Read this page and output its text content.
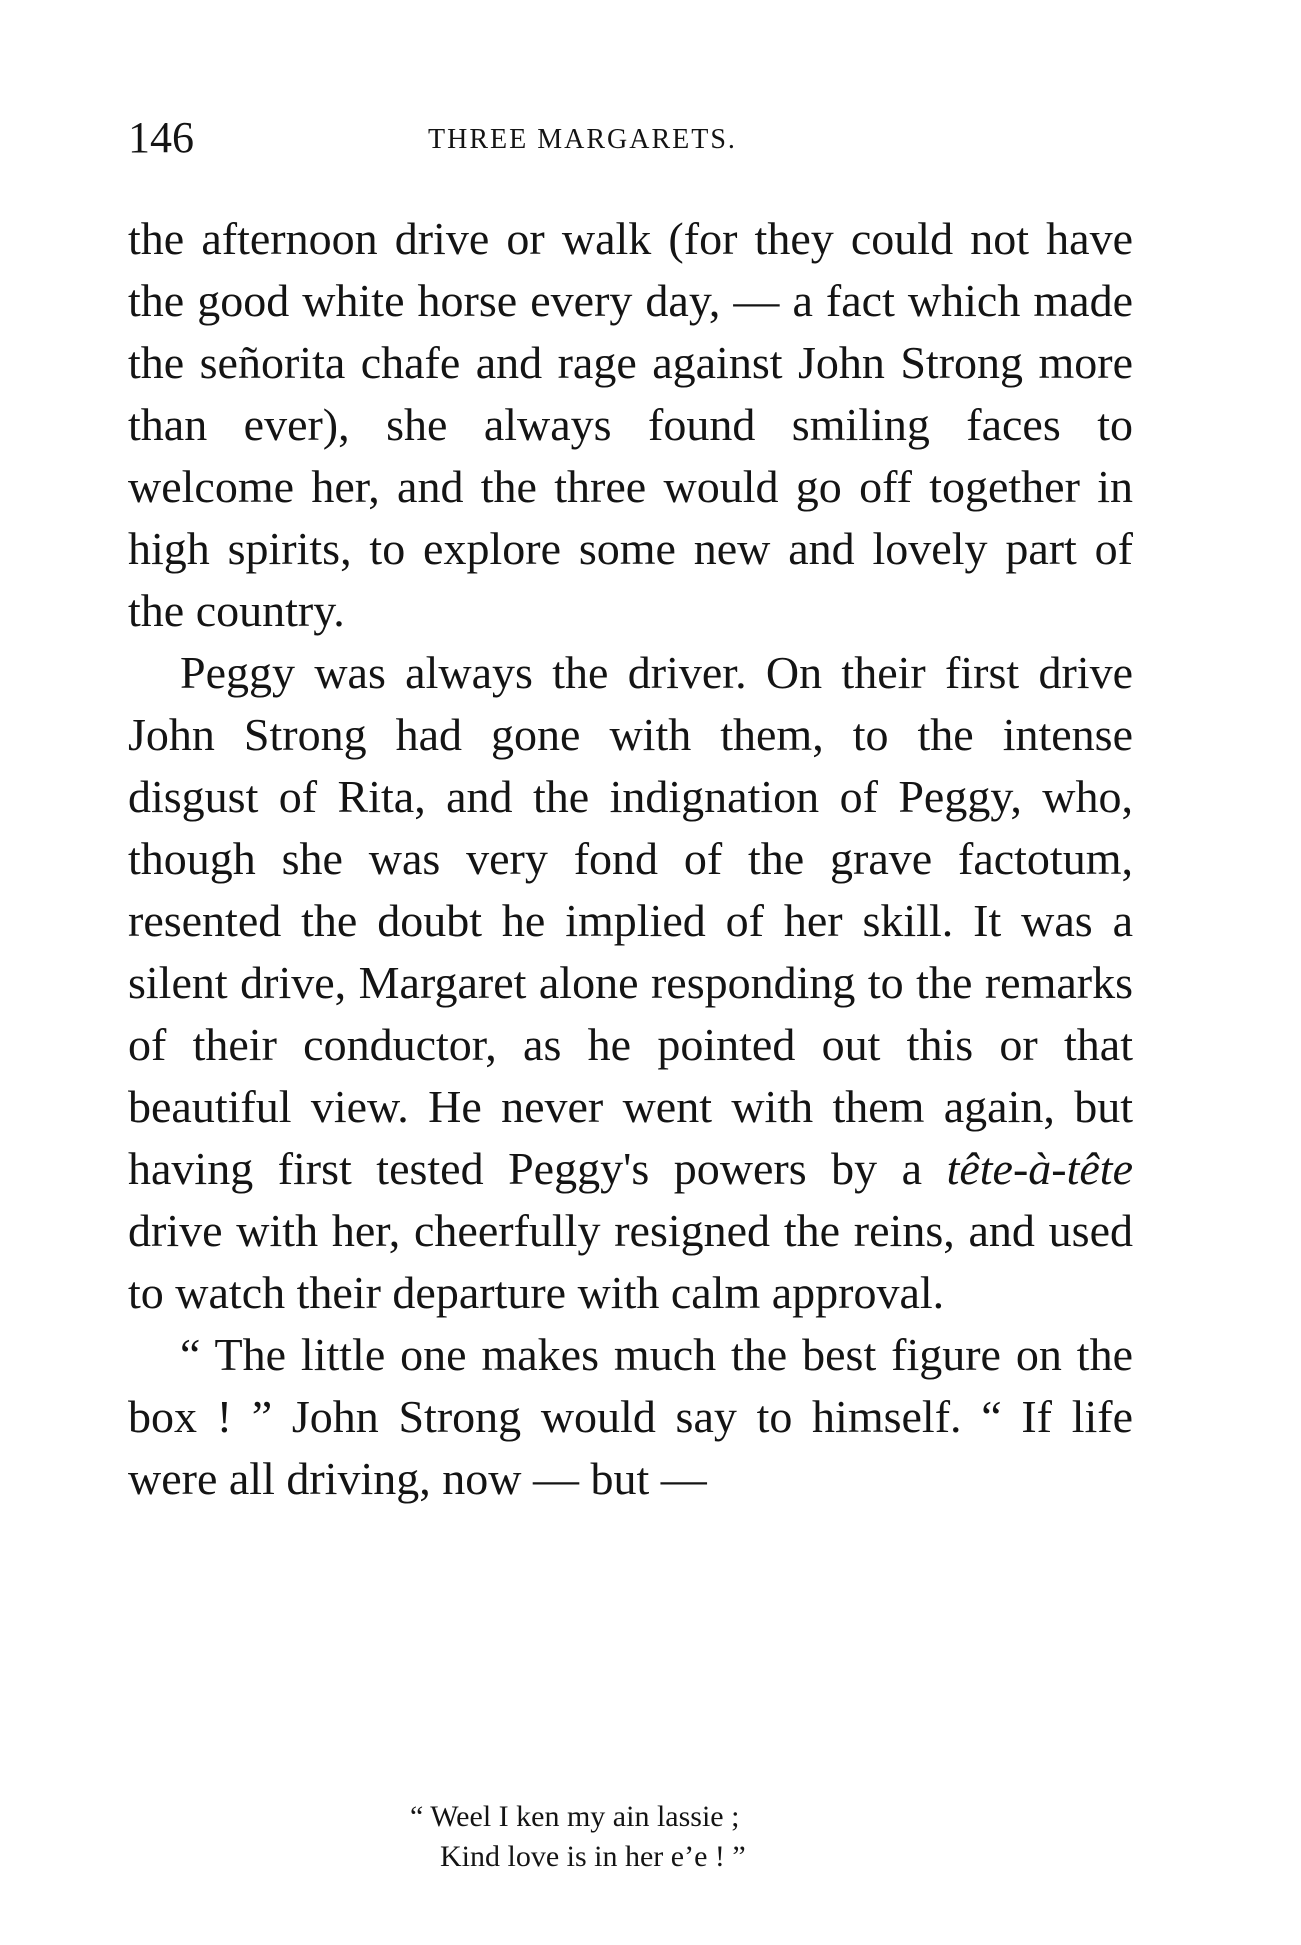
146	THREE MARGARETS.

the afternoon drive or walk (for they could not have the good white horse every day, — a fact which made the señorita chafe and rage against John Strong more than ever), she always found smiling faces to welcome her, and the three would go off together in high spirits, to explore some new and lovely part of the country.

Peggy was always the driver. On their first drive John Strong had gone with them, to the intense disgust of Rita, and the indignation of Peggy, who, though she was very fond of the grave factotum, resented the doubt he implied of her skill. It was a silent drive, Margaret alone responding to the remarks of their conductor, as he pointed out this or that beautiful view. He never went with them again, but having first tested Peggy's powers by a tête-à-tête drive with her, cheerfully resigned the reins, and used to watch their departure with calm approval.

“ The little one makes much the best figure on the box ! ” John Strong would say to himself. “ If life were all driving, now — but —

“ Weel I ken my ain lassie ;
Kind love is in her e’e ! ”
